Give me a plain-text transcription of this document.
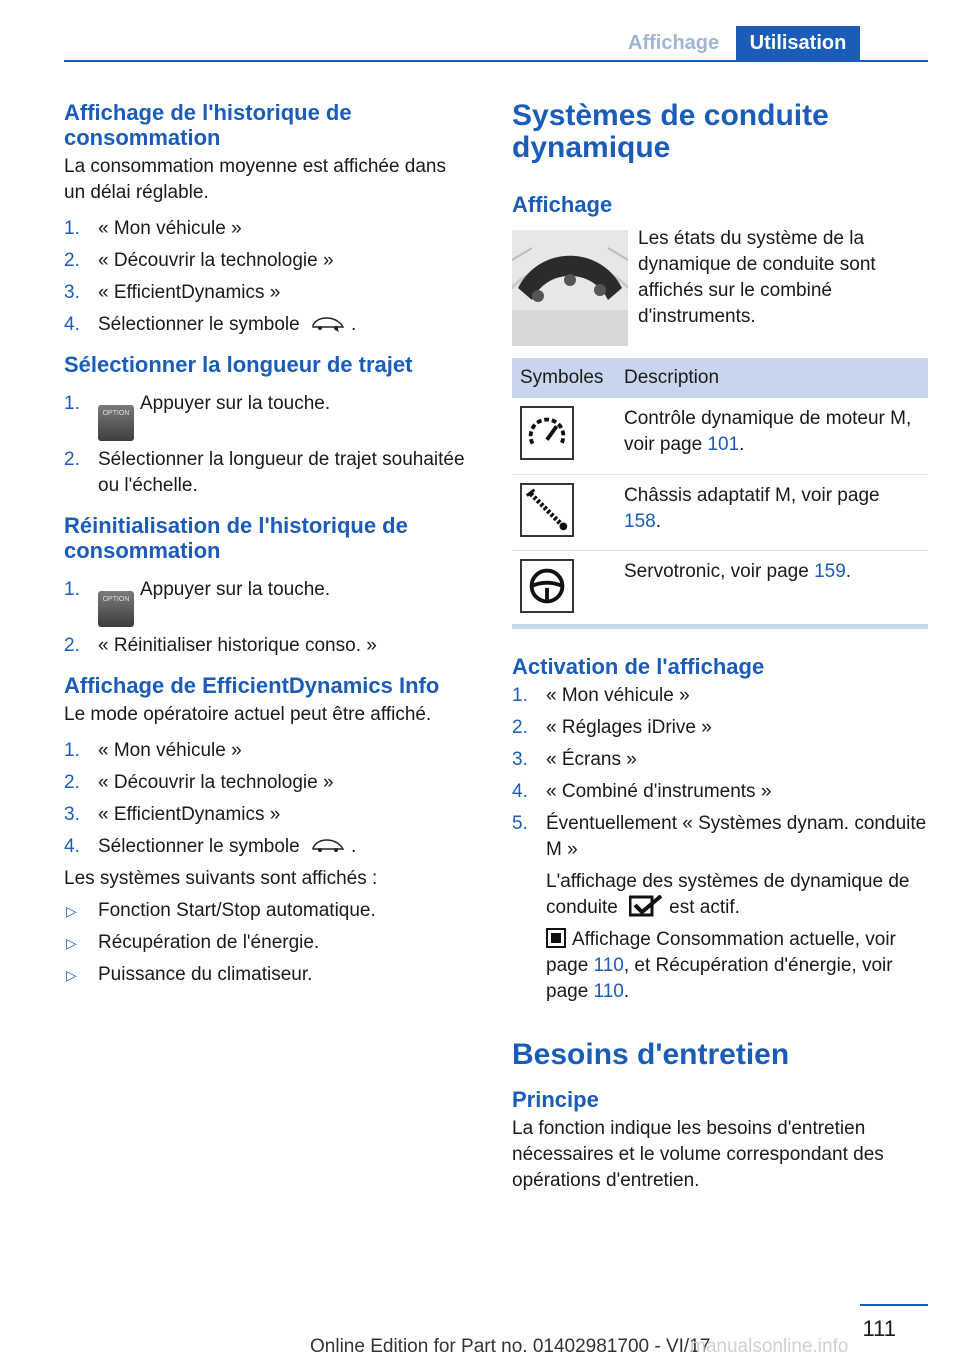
Affichage	Utilisation
Affichage de l'historique de consommation

La consommation moyenne est affichée dans un délai réglable.

1. « Mon véhicule »
2. « Découvrir la technologie »
3. « EfficientDynamics »
4. Sélectionner le symbole	.
Sélectionner la longueur de trajet
1.	OPTION Appuyer sur la touche.
2. Sélectionner la longueur de trajet souhaitée ou l'échelle.
Réinitialisation de l'historique de consommation
1.	OPTION Appuyer sur la touche.
2. « Réinitialiser historique conso. »
Affichage de EfficientDynamics Info

Le mode opératoire actuel peut être affiché.

1. « Mon véhicule »
2. « Découvrir la technologie »
3. « EfficientDynamics »
4. Sélectionner le symbole	.

Les systèmes suivants sont affichés :

▷ Fonction Start/Stop automatique.
▷ Récupération de l'énergie.
▷ Puissance du climatiseur.
Systèmes de conduite dynamique
Affichage

Les états du système de la dynamique de conduite sont affichés sur le combiné d'instruments.

Symboles	Description
	Contrôle dynamique de moteur M, voir page 101.
	Châssis adaptatif M, voir page 158.
	Servotronic, voir page 159.
Activation de l'affichage
1. « Mon véhicule »
2. « Réglages iDrive »
3. « Écrans »
4. « Combiné d'instruments »
5. Éventuellement « Systèmes dynam. conduite M »

L'affichage des systèmes de dynamique de conduite	est actif.

Affichage Consommation actuelle, voir page 110, et Récupération d'énergie, voir page 110.

Besoins d'entretien
Principe

La fonction indique les besoins d'entretien nécessaires et le volume correspondant des opérations d'entretien.

111
Online Edition for Part no. 01402981700 - VI/17
manualsonline.info
